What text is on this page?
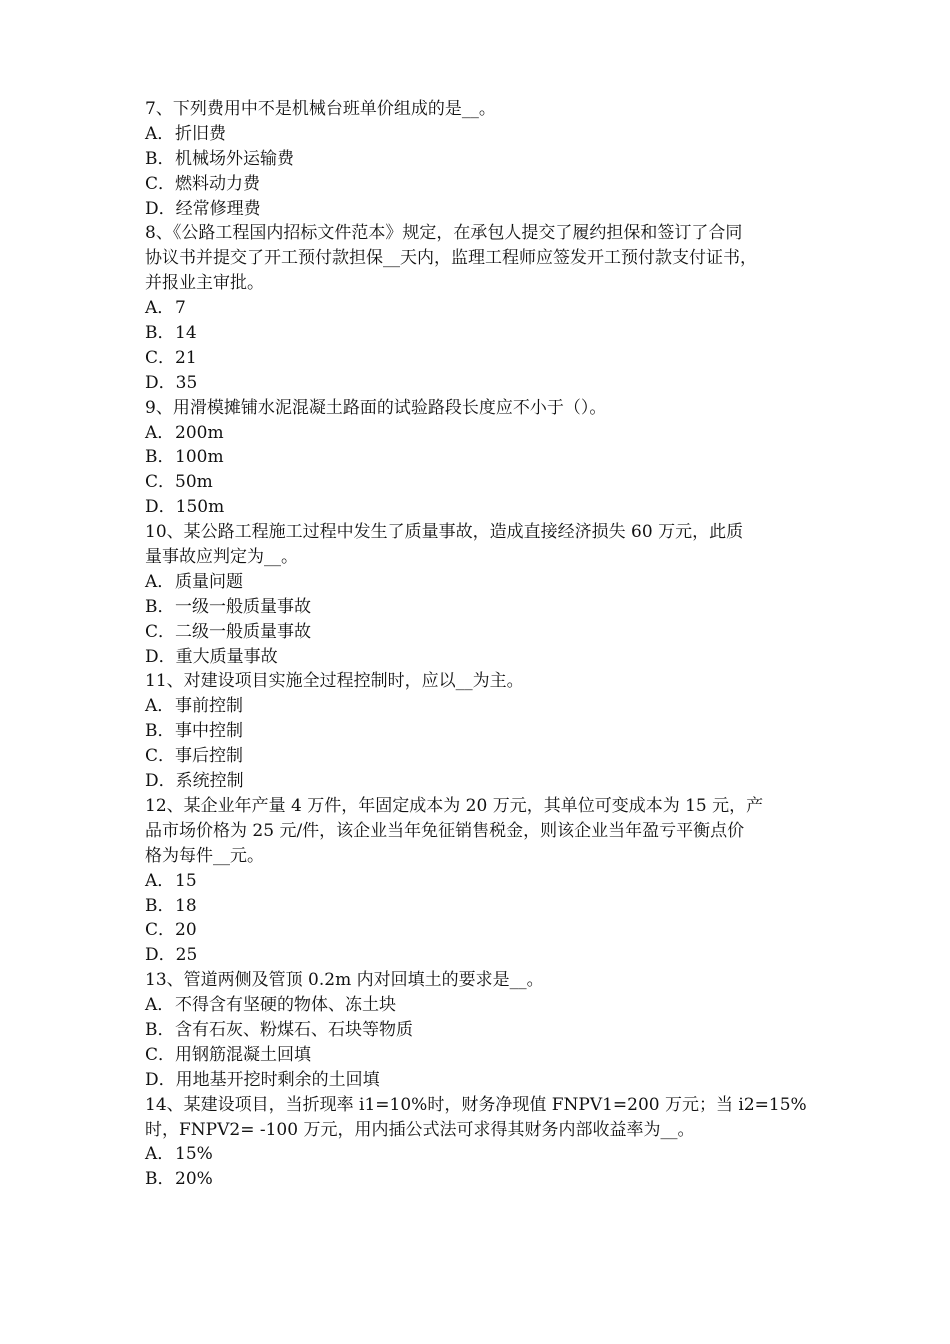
7、下列费用中不是机械台班单价组成的是__。
A．折旧费
B．机械场外运输费
C．燃料动力费
D．经常修理费
8、《公路工程国内招标文件范本》规定，在承包人提交了履约担保和签订了合同
协议书并提交了开工预付款担保__天内，监理工程师应签发开工预付款支付证书，
并报业主审批。
A．7
B．14
C．21
D．35
9、用滑模摊铺水泥混凝土路面的试验路段长度应不小于（）。
A．200m
B．100m
C．50m
D．150m
10、某公路工程施工过程中发生了质量事故，造成直接经济损失 60 万元，此质
量事故应判定为__。
A．质量问题
B．一级一般质量事故
C．二级一般质量事故
D．重大质量事故
11、对建设项目实施全过程控制时，应以__为主。
A．事前控制
B．事中控制
C．事后控制
D．系统控制
12、某企业年产量 4 万件，年固定成本为 20 万元，其单位可变成本为 15 元，产
品市场价格为 25 元/件，该企业当年免征销售税金，则该企业当年盈亏平衡点价
格为每件__元。
A．15
B．18
C．20
D．25
13、管道两侧及管顶 0.2m 内对回填土的要求是__。
A．不得含有坚硬的物体、冻土块
B．含有石灰、粉煤石、石块等物质
C．用钢筋混凝土回填
D．用地基开挖时剩余的土回填
14、某建设项目，当折现率 i1=10%时，财务净现值 FNPV1=200 万元；当 i2=15%
时，FNPV2= -100 万元，用内插公式法可求得其财务内部收益率为__。
A．15%
B．20%
